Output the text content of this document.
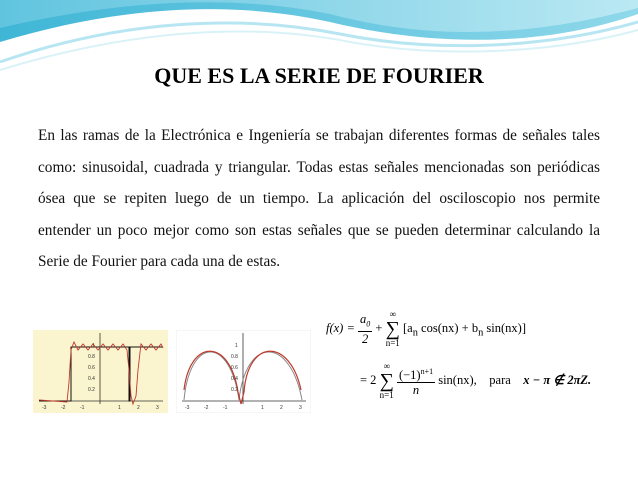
QUE ES LA SERIE DE FOURIER
En las ramas de la Electrónica e Ingeniería se trabajan diferentes formas de señales tales como: sinusoidal, cuadrada y triangular. Todas estas señales mencionadas son periódicas ósea que se repiten luego de un tiempo. La aplicación del osciloscopio nos permite entender un poco mejor como son estas señales que se pueden determinar calculando la Serie de Fourier para cada una de estas.
-3	-2	-1	1	2	3
0.2
0.4
0.6
0.8
1
-3	-2	-1	1	2	3
0.2
0.4
0.6
0.8
1
$f(x) = \frac{a_0}{2}$ + ∞
∑
n=1 [$a_n$ $\cos(nx) + b_n$ sin(nx)]
= 2 ∞
∑
$n=1 \frac{(-1)^{n+1}}{n} \sin(nx)$, para x − π ∉ 2πZ.
